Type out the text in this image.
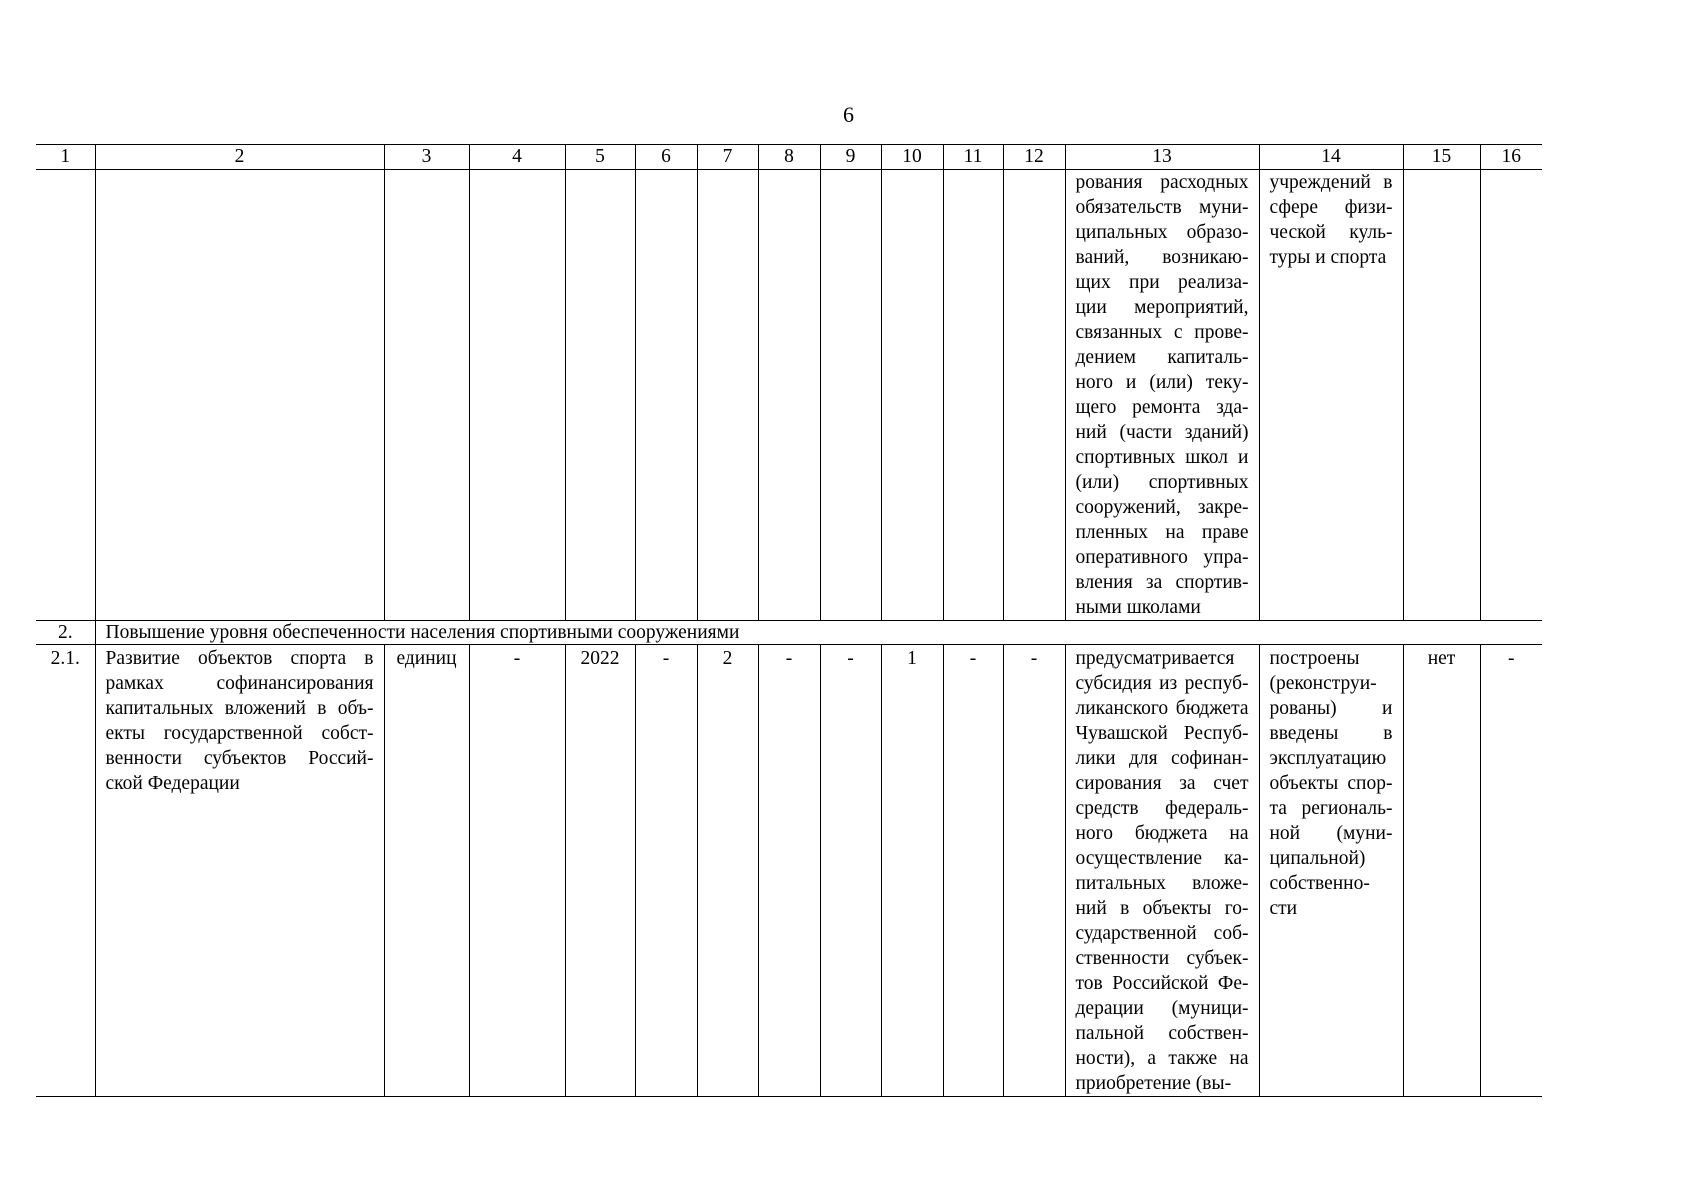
6
1	2	3	4	5	6	7	8	9	10	11	12	13	14	15	16
												рования расходных обязательств муни-ципальных образо-ваний, возникаю-щих при реализа-ции мероприятий, связанных с прове-дением капиталь-ного и (или) теку-щего ремонта зда-ний (части зданий) спортивных школ и (или) спортивных сооружений, закре-пленных на праве оперативного упра-вления за спортив-ными школами	учреждений в сфере физи-ческой куль-туры и спорта		
2.	Повышение уровня обеспеченности населения спортивными сооружениями														
2.1.	Развитие объектов спорта в рамках софинансирования капитальных вложений в объ-екты государственной собст-венности субъектов Россий-ской Федерации	единиц	-	2022	-	2	-	-	1	-	-	предусматривается субсидия из респуб-ликанского бюджета Чувашской Респуб-лики для софинан-сирования за счет средств федераль-ного бюджета на осуществление ка-питальных вложе-ний в объекты го-сударственной соб-ственности субъек-тов Российской Фе-дерации (муници-пальной собствен-ности), а также на приобретение (вы-	построены (реконструи-рованы) и введены в эксплуатацию объекты спор-та региональ-ной (муни-ципальной) собственно-сти	нет	-
